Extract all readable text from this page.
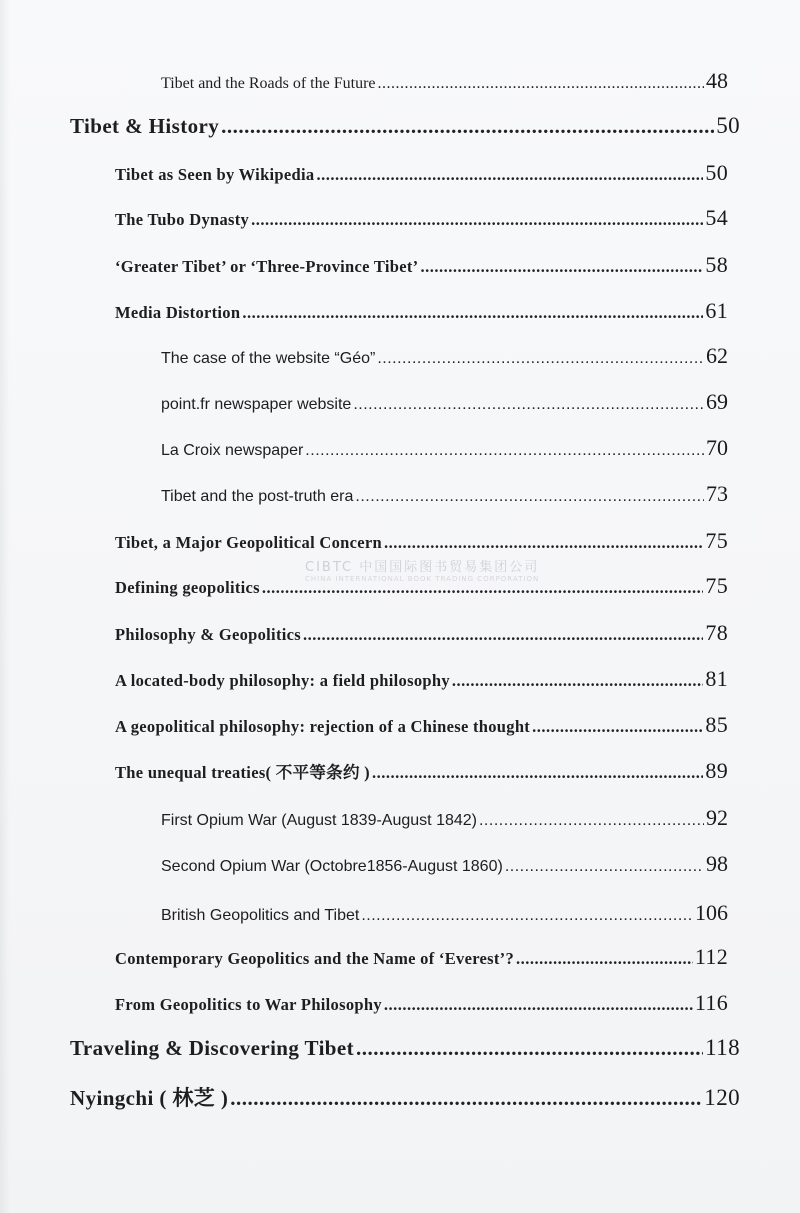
Tibet and the Roads of the Future .....	48
Tibet & History .....	50
Tibet as Seen by Wikipedia .....	50
The Tubo Dynasty .....	54
‘Greater Tibet’ or ‘Three-Province Tibet’ .....	58
Media Distortion .....	61
The case of the website “Géo” .....	62
point.fr newspaper website .....	69
La Croix newspaper .....	70
Tibet and the post-truth era .....	73
Tibet, a Major Geopolitical Concern .....	75
Defining geopolitics .....	75
Philosophy & Geopolitics .....	78
A located-body philosophy: a field philosophy .....	81
A geopolitical philosophy: rejection of a Chinese thought .....	85
The unequal treaties( 不平等条约 ) .....	89
First Opium War (August 1839-August 1842) .....	92
Second Opium War (Octobre1856-August 1860) .....	98
British Geopolitics and Tibet .....	106
Contemporary Geopolitics and the Name of ‘Everest’? .....	112
From Geopolitics to War Philosophy .....	116
Traveling & Discovering Tibet .....	118
Nyingchi ( 林芝 ) .....	120
CIBTC 中国国际图书贸易集团公司
CHINA INTERNATIONAL BOOK TRADING CORPORATION
